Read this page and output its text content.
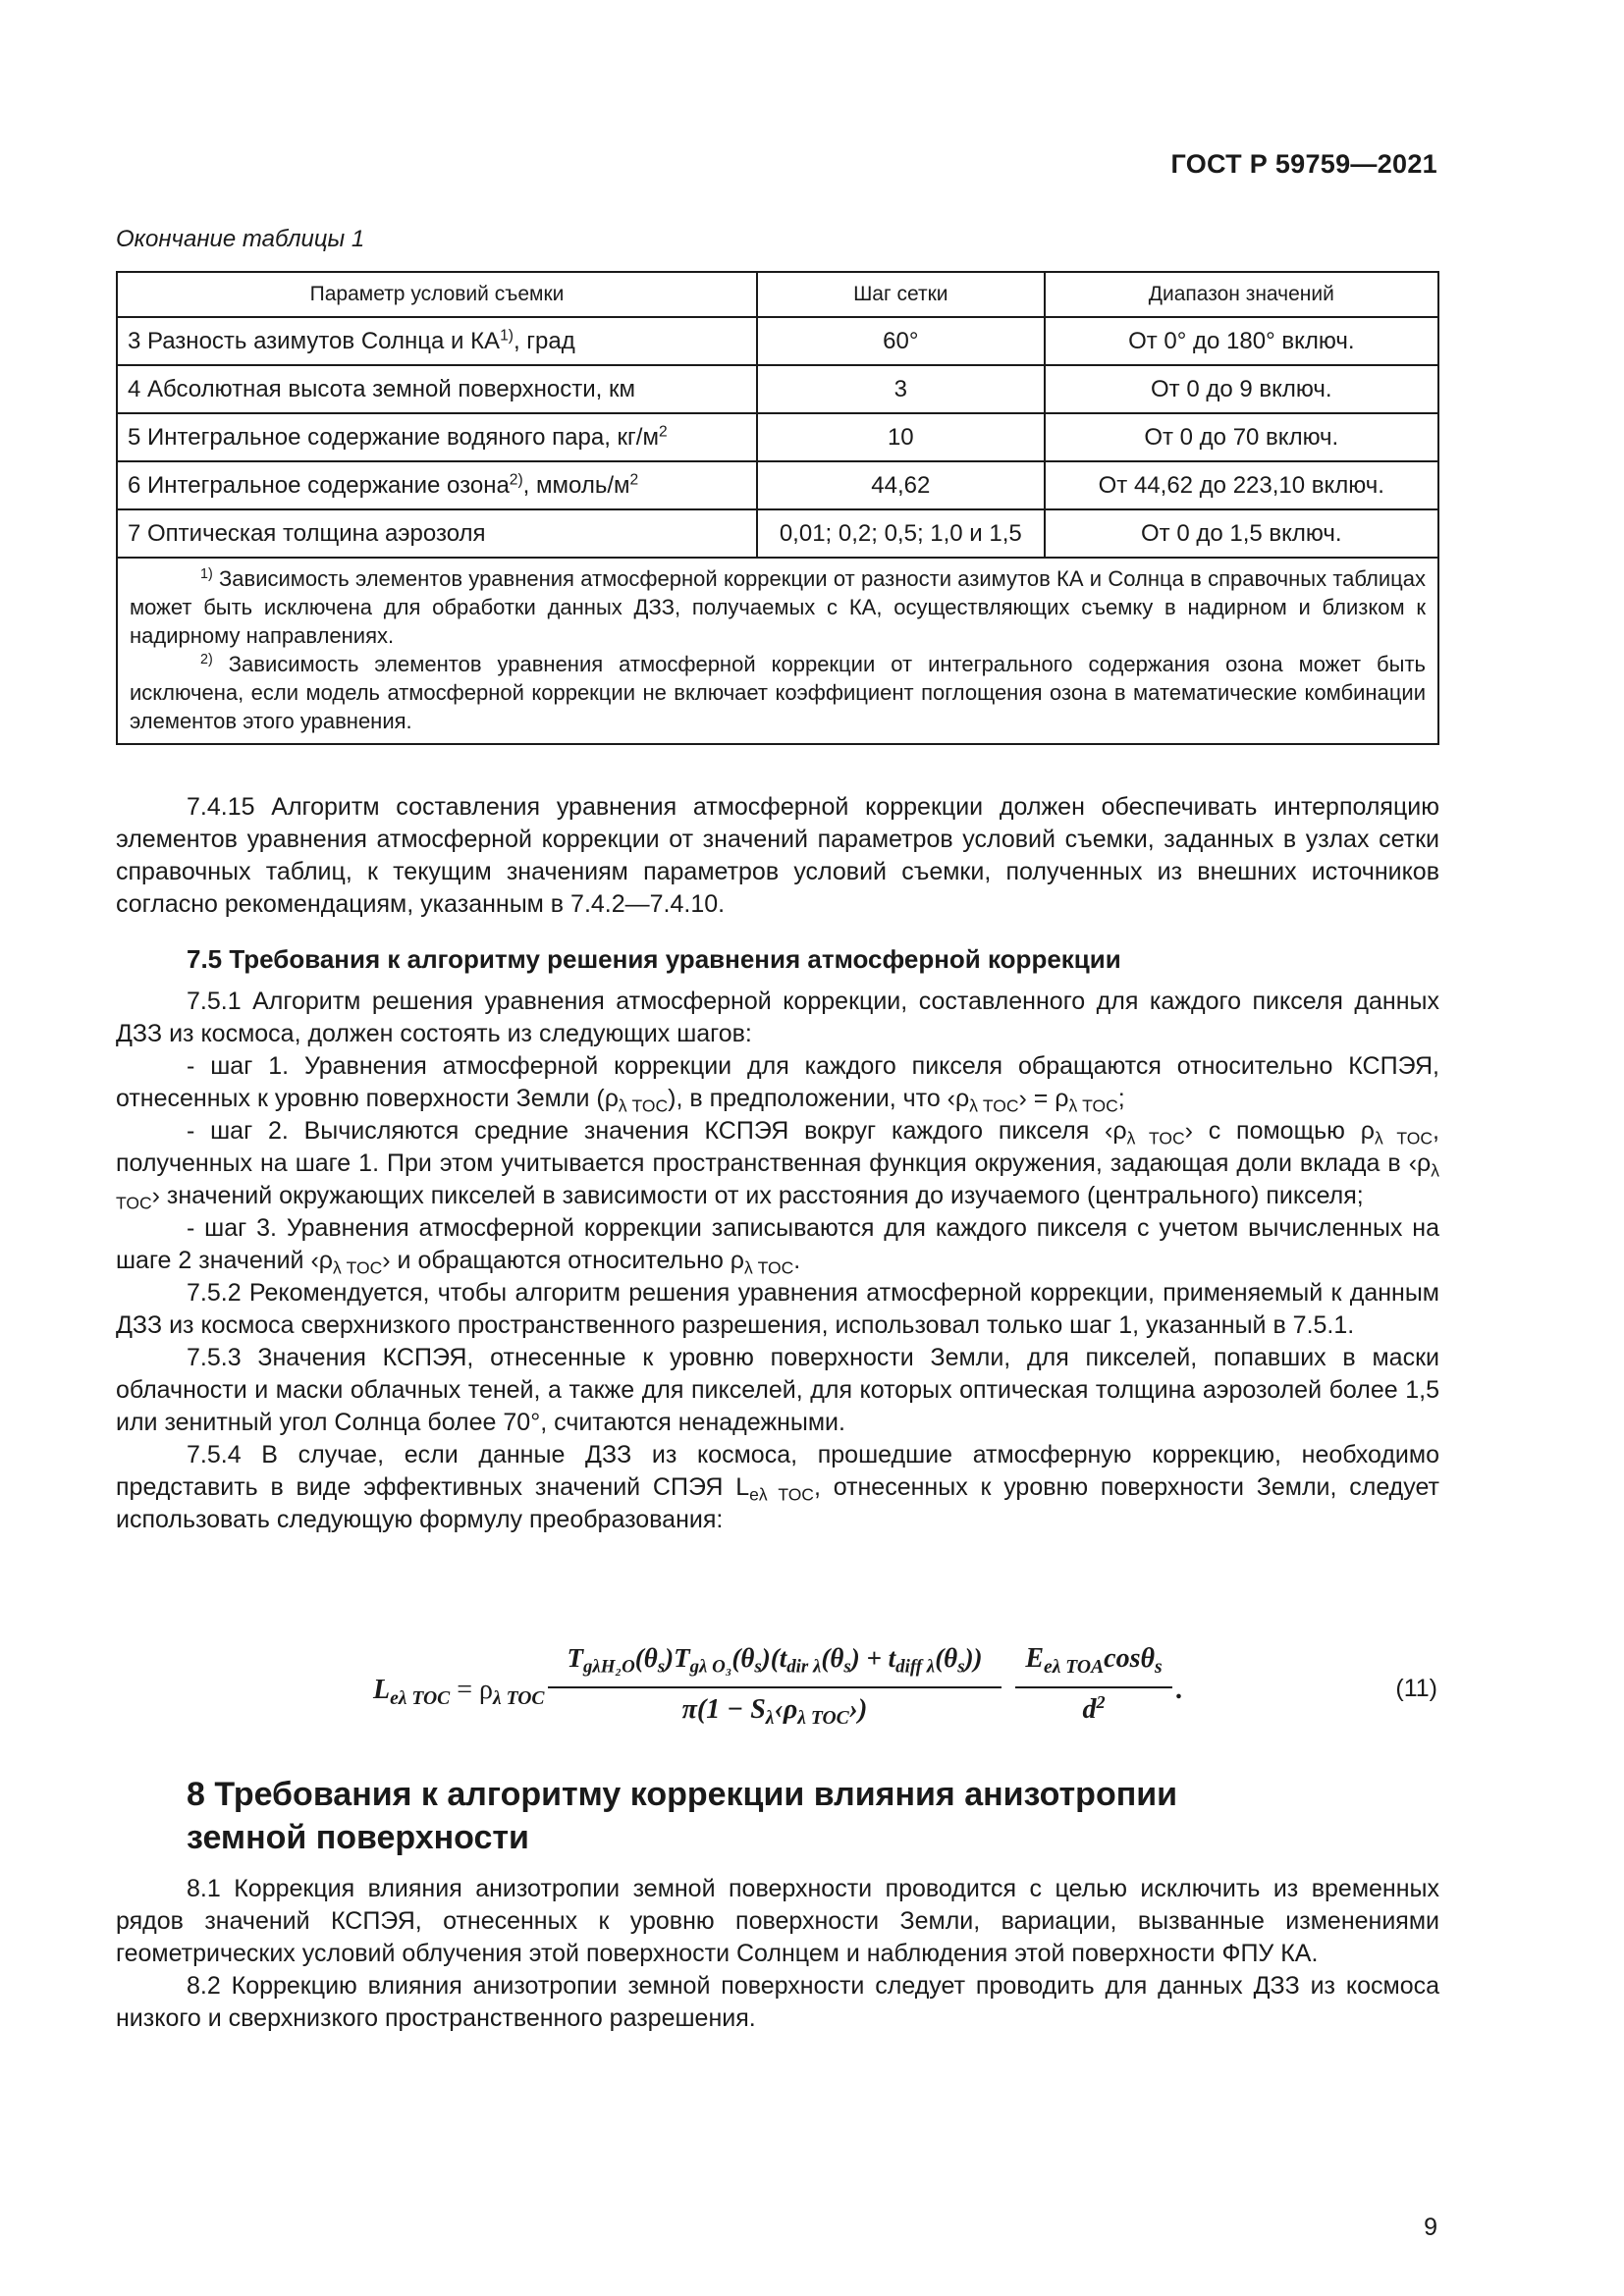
ГОСТ Р 59759—2021
Окончание таблицы 1
Параметр условий съемки	Шаг сетки	Диапазон значений
3 Разность азимутов Солнца и КА$^{1)}$, град	60°	От 0° до 180° включ.
4 Абсолютная высота земной поверхности, км	3	От 0 до 9 включ.
5 Интегральное содержание водяного пара, $кг/м^2$	10	От 0 до 70 включ.
6 Интегральное содержание озона$^{2)}$, ммоль/$м^2$	44,62	От 44,62 до 223,10 включ.
7 Оптическая толщина аэрозоля	0,01; 0,2; 0,5; 1,0 и 1,5	От 0 до 1,5 включ.

$^{1)}$ Зависимость элементов уравнения атмосферной коррекции от разности азимутов КА и Солнца в справочных таблицах может быть исключена для обработки данных ДЗЗ, получаемых с КА, осуществляющих съемку в надирном и близком к надирному направлениях.

$^{2)}$ Зависимость элементов уравнения атмосферной коррекции от интегрального содержания озона может быть исключена, если модель атмосферной коррекции не включает коэффициент поглощения озона в математические комбинации элементов этого уравнения.		

7.4.15 Алгоритм составления уравнения атмосферной коррекции должен обеспечивать интерполяцию элементов уравнения атмосферной коррекции от значений параметров условий съемки, заданных в узлах сетки справочных таблиц, к текущим значениям параметров условий съемки, полученных из внешних источников согласно рекомендациям, указанным в 7.4.2—7.4.10.

7.5 Требования к алгоритму решения уравнения атмосферной коррекции

7.5.1 Алгоритм решения уравнения атмосферной коррекции, составленного для каждого пикселя данных ДЗЗ из космоса, должен состоять из следующих шагов:

- шаг 1. Уравнения атмосферной коррекции для каждого пикселя обращаются относительно КСПЭЯ, отнесенных к уровню поверхности Земли $(\rho_{\lambda TOC})$, в предположении, что $‹\rho_{\lambda TOC}› = \rho_{\lambda TOC}$;

- шаг 2. Вычисляются средние значения КСПЭЯ вокруг каждого пикселя $‹\rho_{\lambda TOC}›$ с помощью $\rho_{\lambda TOC}$, полученных на шаге 1. При этом учитывается пространственная функция окружения, задающая доли вклада в $‹\rho_{\lambda TOC}›$ значений окружающих пикселей в зависимости от их расстояния до изучаемого (центрального) пикселя;

- шаг 3. Уравнения атмосферной коррекции записываются для каждого пикселя с учетом вычисленных на шаге 2 значений $‹\rho_{\lambda TOC}›$ и обращаются относительно $\rho_{\lambda TOC}$.

7.5.2 Рекомендуется, чтобы алгоритм решения уравнения атмосферной коррекции, применяемый к данным ДЗЗ из космоса сверхнизкого пространственного разрешения, использовал только шаг 1, указанный в 7.5.1.

7.5.3 Значения КСПЭЯ, отнесенные к уровню поверхности Земли, для пикселей, попавших в маски облачности и маски облачных теней, а также для пикселей, для которых оптическая толщина аэрозолей более 1,5 или зенитный угол Солнца более 70°, считаются ненадежными.

7.5.4 В случае, если данные ДЗЗ из космоса, прошедшие атмосферную коррекцию, необходимо представить в виде эффективных значений СПЭЯ $L_{e\lambda TOC}$, отнесенных к уровню поверхности Земли, следует использовать следующую формулу преобразования:

$L_{e\lambda TOC} = \rho_{\lambda TOC}$
$T_{g\lambda H_2O}(\theta_s)T_{g\lambda O_3}(\theta_s)(t_{dir \lambda}(\theta_s) + t_{diff \lambda}(\theta_s))$
$\pi(1 - S_\lambda‹\rho_{\lambda TOC}›)$
$E_{e\lambda TOA}\cos\theta_s$
$d^2$	.	(11)
8 Требования к алгоритму коррекции влияния анизотропии земной поверхности

8.1 Коррекция влияния анизотропии земной поверхности проводится с целью исключить из временных рядов значений КСПЭЯ, отнесенных к уровню поверхности Земли, вариации, вызванные изменениями геометрических условий облучения этой поверхности Солнцем и наблюдения этой поверхности ФПУ КА.

8.2 Коррекцию влияния анизотропии земной поверхности следует проводить для данных ДЗЗ из космоса низкого и сверхнизкого пространственного разрешения.

9
